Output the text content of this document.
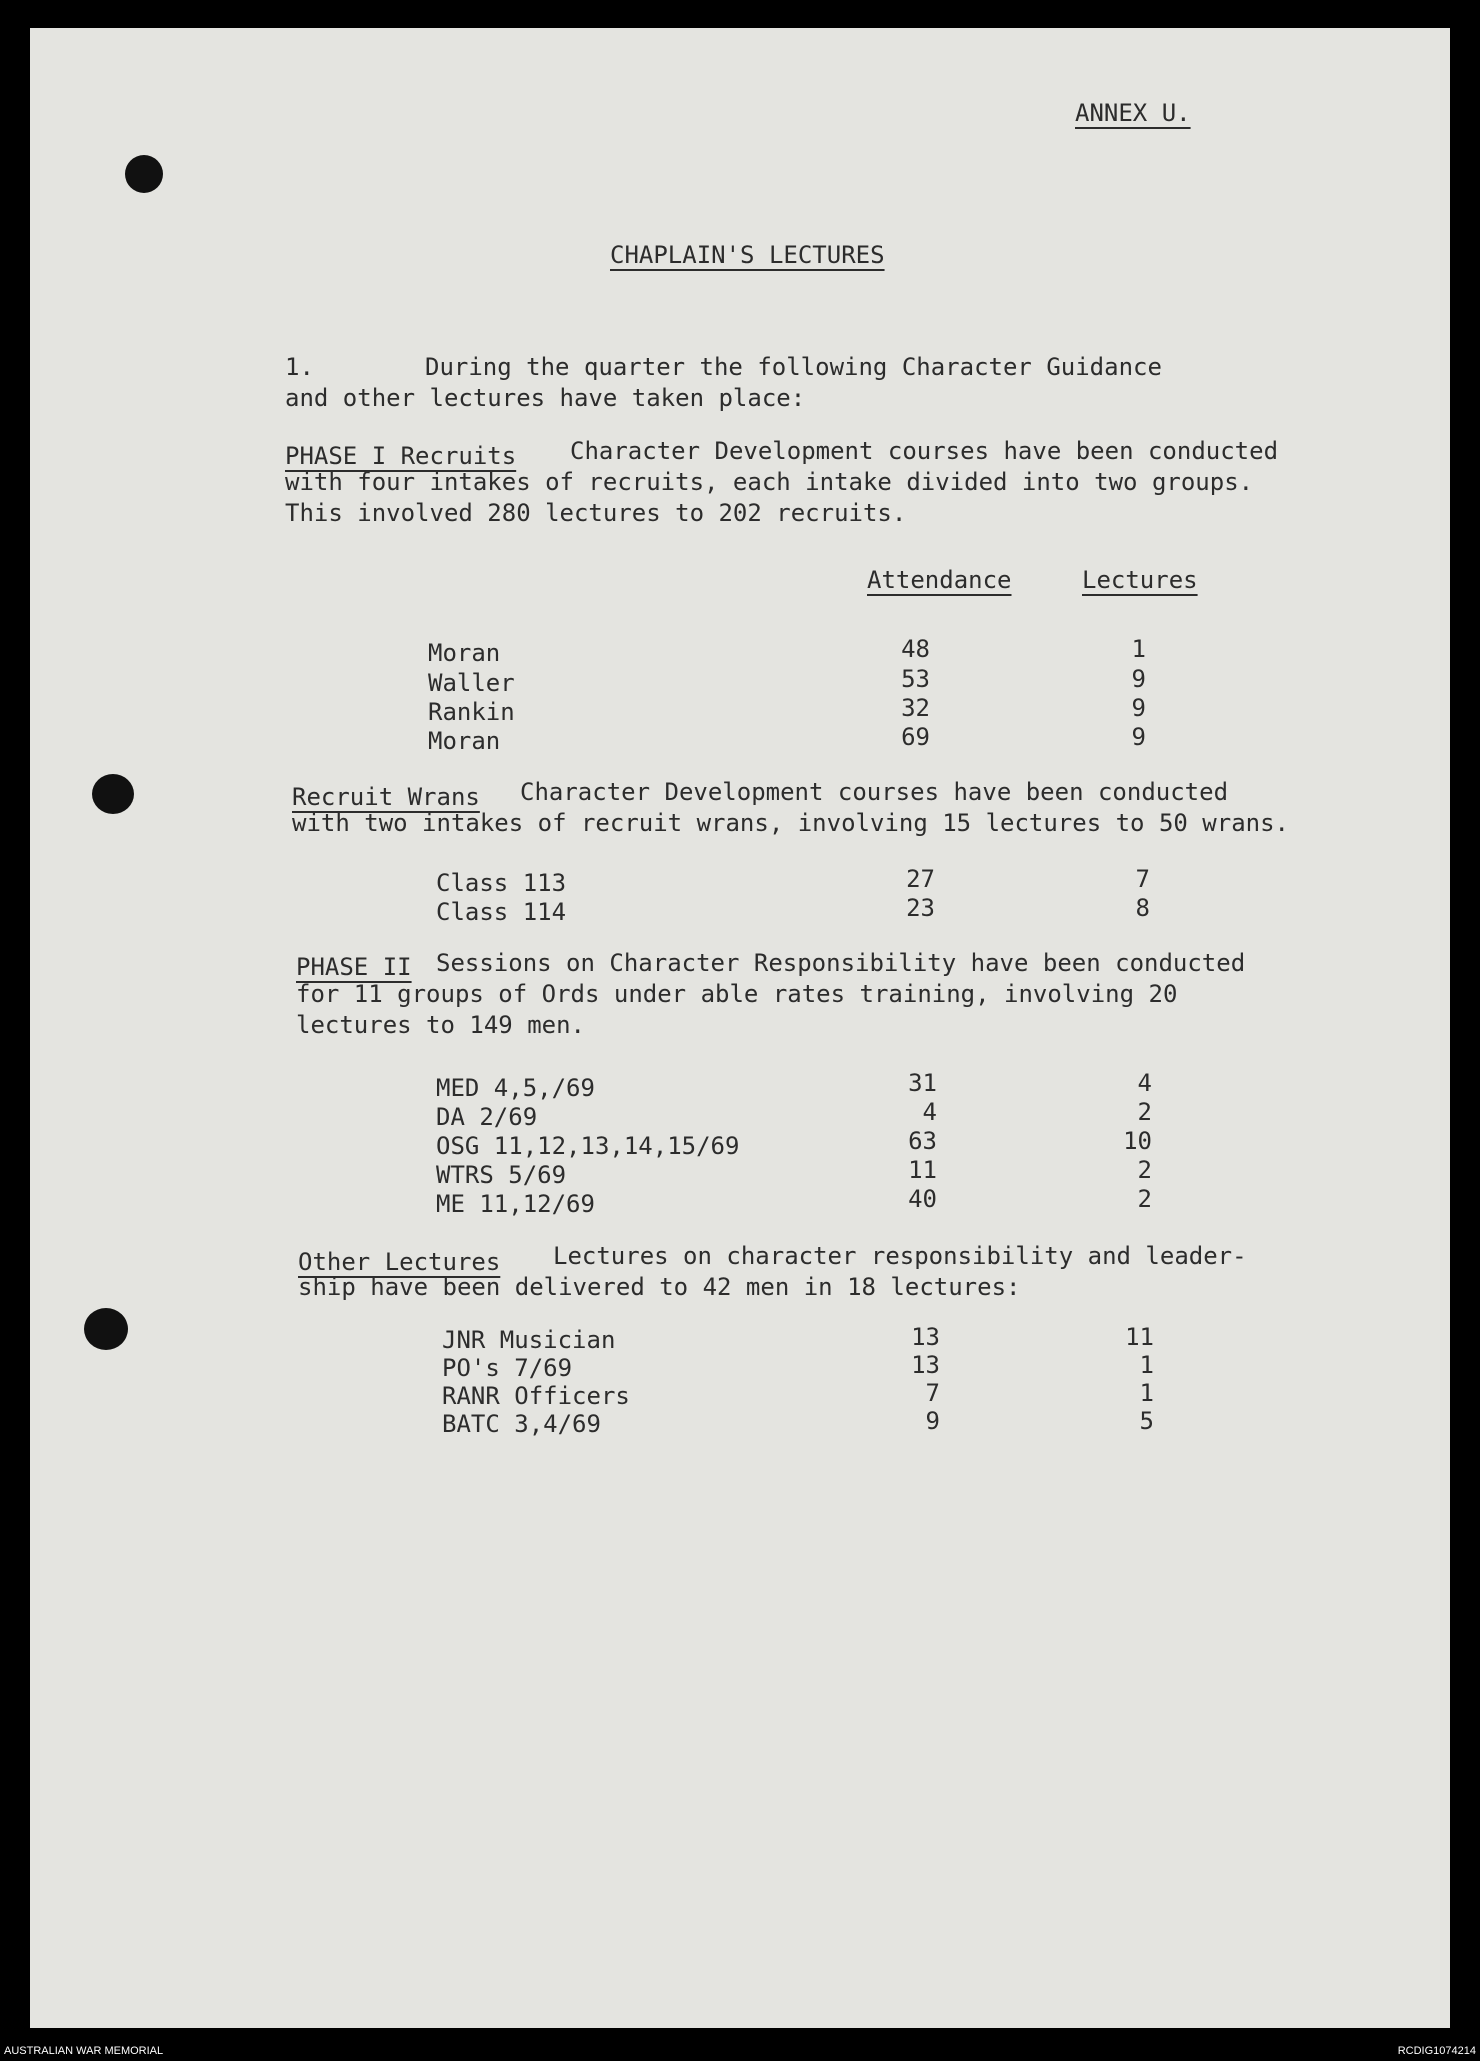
ANNEX U.
CHAPLAIN'S LECTURES
1.	During the quarter the following Character Guidance
and other lectures have taken place:
PHASE I Recruits Character Development courses have been conducted
with four intakes of recruits, each intake divided into two groups.
This involved 280 lectures to 202 recruits.
Attendance	Lectures
Moran	48	1
Waller	53	9
Rankin	32	9
Moran	69	9
Recruit Wrans Character Development courses have been conducted
with two intakes of recruit wrans, involving 15 lectures to 50 wrans.
Class 113	27	7
Class 114	23	8
PHASE II Sessions on Character Responsibility have been conducted
for 11 groups of Ords under able rates training, involving 20
lectures to 149 men.
MED 4,5,/69	31	4
DA 2/69	4	2
OSG 11,12,13,14,15/69	63	10
WTRS 5/69	11	2
ME 11,12/69	40	2
Other Lectures Lectures on character responsibility and leader-
ship have been delivered to 42 men in 18 lectures:
JNR Musician	13	11
PO's 7/69	13	1
RANR Officers	7	1
BATC 3,4/69	9	5
AUSTRALIAN WAR MEMORIAL	RCDIG1074214
